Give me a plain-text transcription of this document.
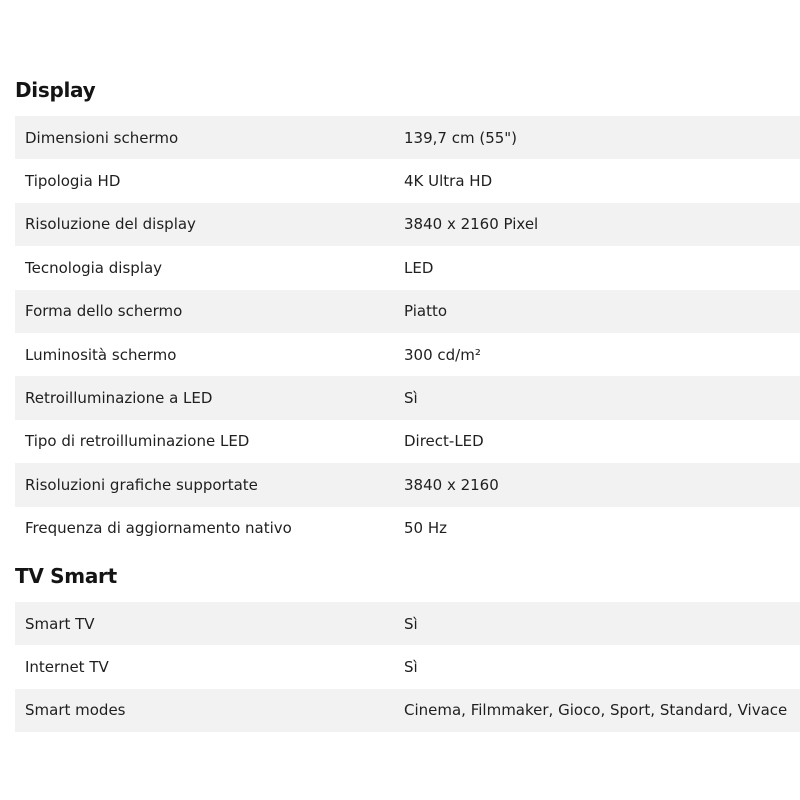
Display
Dimensioni schermo	139,7 cm (55")
Tipologia HD	4K Ultra HD
Risoluzione del display	3840 x 2160 Pixel
Tecnologia display	LED
Forma dello schermo	Piatto
Luminosità schermo	300 cd/m²
Retroilluminazione a LED	Sì
Tipo di retroilluminazione LED	Direct-LED
Risoluzioni grafiche supportate	3840 x 2160
Frequenza di aggiornamento nativo	50 Hz
TV Smart
Smart TV	Sì
Internet TV	Sì
Smart modes	Cinema, Filmmaker, Gioco, Sport, Standard, Vivace
